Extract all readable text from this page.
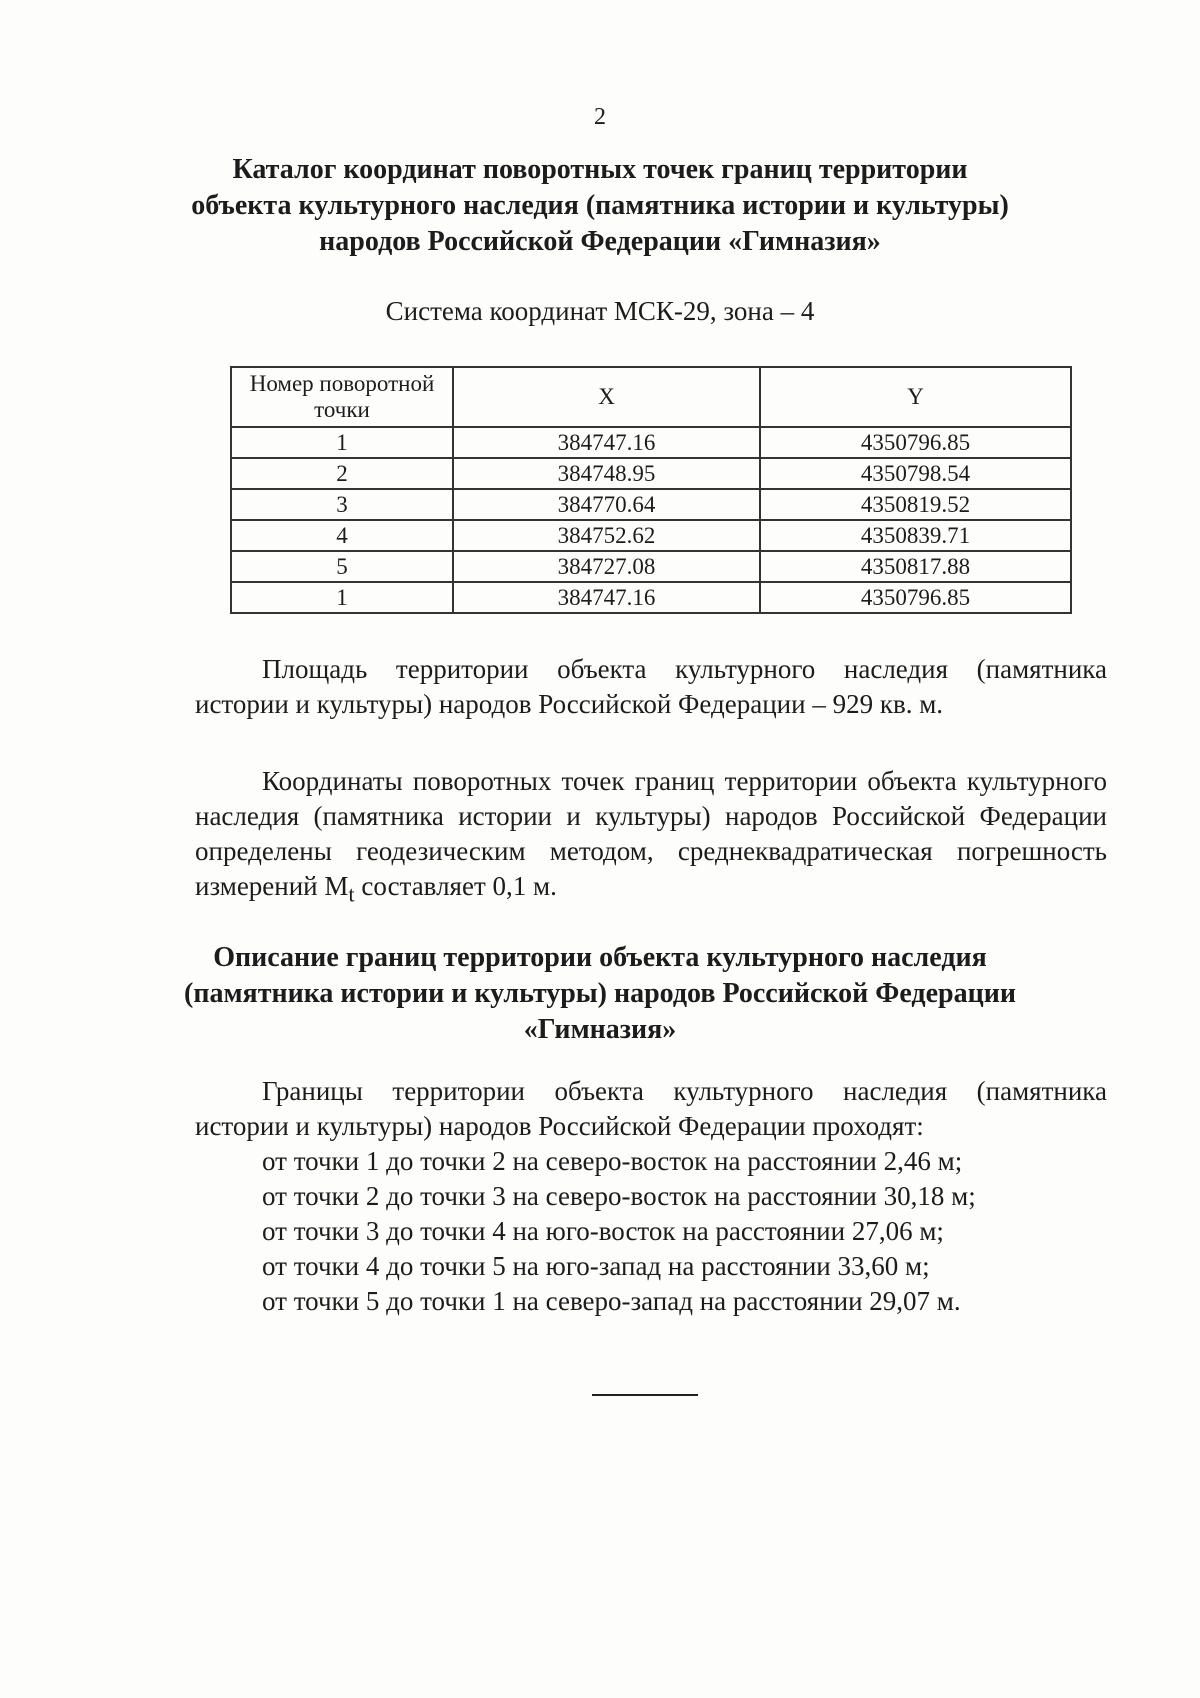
2
Каталог координат поворотных точек границ территории
объекта культурного наследия (памятника истории и культуры)
народов Российской Федерации «Гимназия»
Система координат МСК-29, зона – 4
Номер поворотной точки	X	Y
1	384747.16	4350796.85
2	384748.95	4350798.54
3	384770.64	4350819.52
4	384752.62	4350839.71
5	384727.08	4350817.88
1	384747.16	4350796.85

Площадь территории объекта культурного наследия (памятника
истории и культуры) народов Российской Федерации – 929 кв. м.

Координаты поворотных точек границ территории объекта культурного
наследия (памятника истории и культуры) народов Российской Федерации
определены геодезическим методом, среднеквадратическая погрешность
измерений $M_t$ составляет 0,1 м.

Описание границ территории объекта культурного наследия
(памятника истории и культуры) народов Российской Федерации
«Гимназия»

Границы территории объекта культурного наследия (памятника
истории и культуры) народов Российской Федерации проходят:

от точки 1 до точки 2 на северо-восток на расстоянии 2,46 м;
от точки 2 до точки 3 на северо-восток на расстоянии 30,18 м;
от точки 3 до точки 4 на юго-восток на расстоянии 27,06 м;
от точки 4 до точки 5 на юго-запад на расстоянии 33,60 м;
от точки 5 до точки 1 на северо-запад на расстоянии 29,07 м.
